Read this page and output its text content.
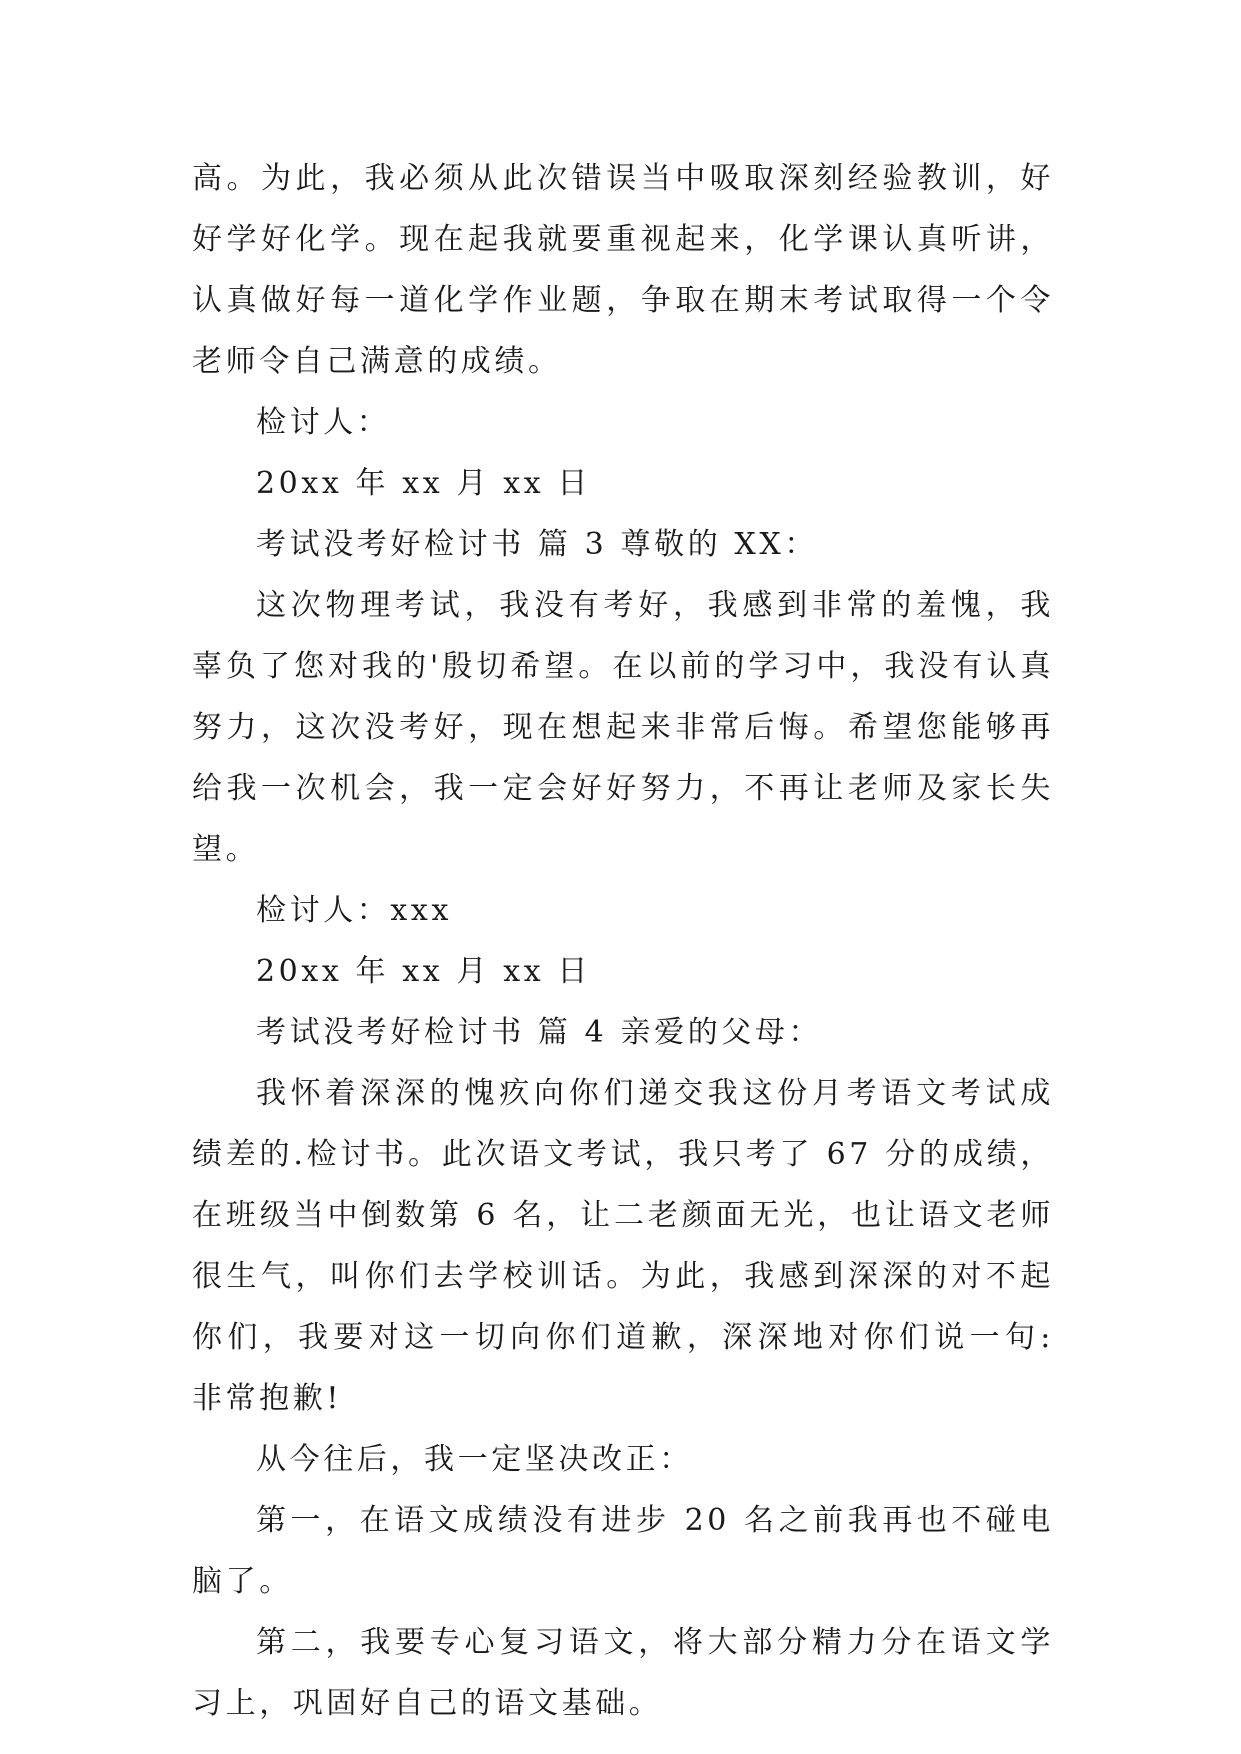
高。为此，我必须从此次错误当中吸取深刻经验教训，好好学好化学。现在起我就要重视起来，化学课认真听讲，认真做好每一道化学作业题，争取在期末考试取得一个令老师令自己满意的成绩。

检讨人：

20xx 年 xx 月 xx 日

考试没考好检讨书 篇 3 尊敬的 XX：

这次物理考试，我没有考好，我感到非常的羞愧，我辜负了您对我的'殷切希望。在以前的学习中，我没有认真努力，这次没考好，现在想起来非常后悔。希望您能够再给我一次机会，我一定会好好努力，不再让老师及家长失望。

检讨人：xxx

20xx 年 xx 月 xx 日

考试没考好检讨书 篇 4 亲爱的父母：

我怀着深深的愧疚向你们递交我这份月考语文考试成绩差的.检讨书。此次语文考试，我只考了 67 分的成绩，在班级当中倒数第 6 名，让二老颜面无光，也让语文老师很生气，叫你们去学校训话。为此，我感到深深的对不起你们，我要对这一切向你们道歉，深深地对你们说一句: 非常抱歉!

从今往后，我一定坚决改正：

第一，在语文成绩没有进步 20 名之前我再也不碰电脑了。

第二，我要专心复习语文，将大部分精力分在语文学习上，巩固好自己的语文基础。
